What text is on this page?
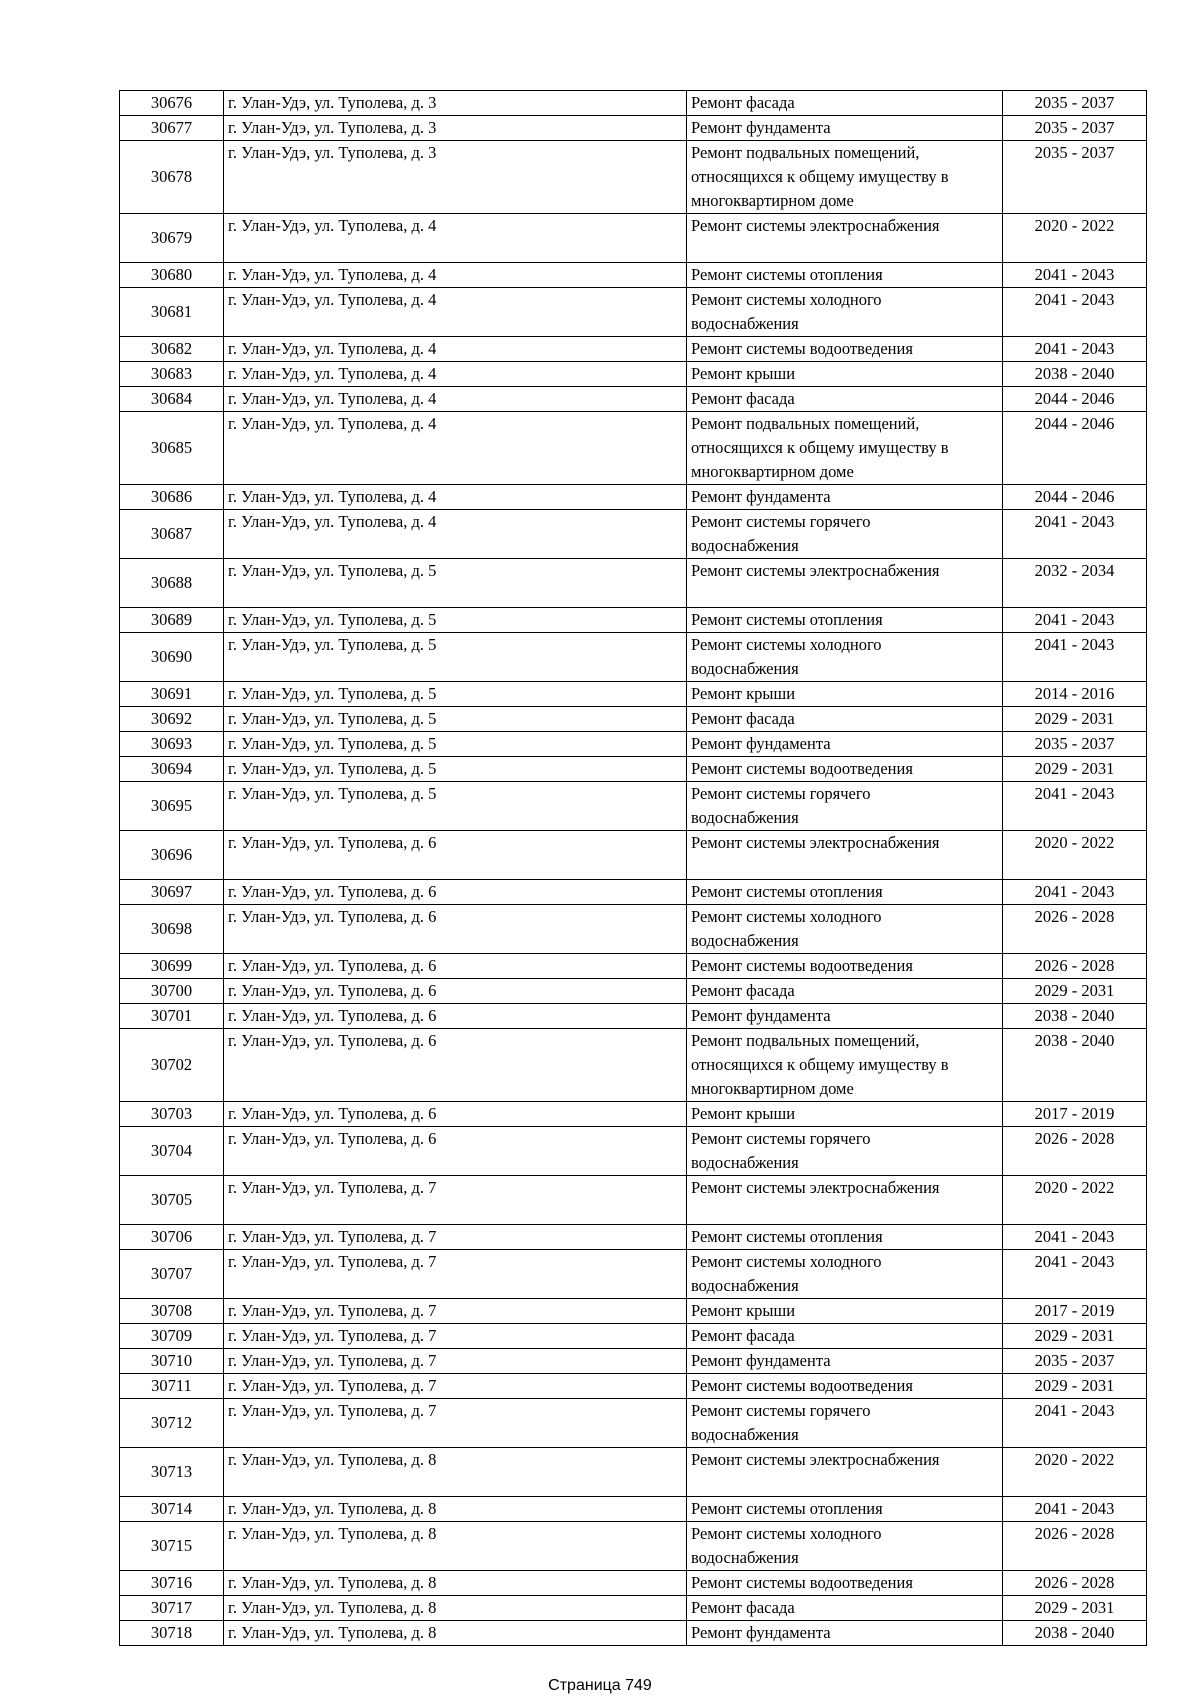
30676	г. Улан-Удэ, ул. Туполева, д. 3	Ремонт фасада	2035 - 2037
30677	г. Улан-Удэ, ул. Туполева, д. 3	Ремонт фундамента	2035 - 2037
30678	г. Улан-Удэ, ул. Туполева, д. 3	Ремонт подвальных помещений, относящихся к общему имуществу в многоквартирном доме	2035 - 2037
30679	г. Улан-Удэ, ул. Туполева, д. 4	Ремонт системы электроснабжения	2020 - 2022
30680	г. Улан-Удэ, ул. Туполева, д. 4	Ремонт системы отопления	2041 - 2043
30681	г. Улан-Удэ, ул. Туполева, д. 4	Ремонт системы холодного водоснабжения	2041 - 2043
30682	г. Улан-Удэ, ул. Туполева, д. 4	Ремонт системы водоотведения	2041 - 2043
30683	г. Улан-Удэ, ул. Туполева, д. 4	Ремонт крыши	2038 - 2040
30684	г. Улан-Удэ, ул. Туполева, д. 4	Ремонт фасада	2044 - 2046
30685	г. Улан-Удэ, ул. Туполева, д. 4	Ремонт подвальных помещений, относящихся к общему имуществу в многоквартирном доме	2044 - 2046
30686	г. Улан-Удэ, ул. Туполева, д. 4	Ремонт фундамента	2044 - 2046
30687	г. Улан-Удэ, ул. Туполева, д. 4	Ремонт системы горячего водоснабжения	2041 - 2043
30688	г. Улан-Удэ, ул. Туполева, д. 5	Ремонт системы электроснабжения	2032 - 2034
30689	г. Улан-Удэ, ул. Туполева, д. 5	Ремонт системы отопления	2041 - 2043
30690	г. Улан-Удэ, ул. Туполева, д. 5	Ремонт системы холодного водоснабжения	2041 - 2043
30691	г. Улан-Удэ, ул. Туполева, д. 5	Ремонт крыши	2014 - 2016
30692	г. Улан-Удэ, ул. Туполева, д. 5	Ремонт фасада	2029 - 2031
30693	г. Улан-Удэ, ул. Туполева, д. 5	Ремонт фундамента	2035 - 2037
30694	г. Улан-Удэ, ул. Туполева, д. 5	Ремонт системы водоотведения	2029 - 2031
30695	г. Улан-Удэ, ул. Туполева, д. 5	Ремонт системы горячего водоснабжения	2041 - 2043
30696	г. Улан-Удэ, ул. Туполева, д. 6	Ремонт системы электроснабжения	2020 - 2022
30697	г. Улан-Удэ, ул. Туполева, д. 6	Ремонт системы отопления	2041 - 2043
30698	г. Улан-Удэ, ул. Туполева, д. 6	Ремонт системы холодного водоснабжения	2026 - 2028
30699	г. Улан-Удэ, ул. Туполева, д. 6	Ремонт системы водоотведения	2026 - 2028
30700	г. Улан-Удэ, ул. Туполева, д. 6	Ремонт фасада	2029 - 2031
30701	г. Улан-Удэ, ул. Туполева, д. 6	Ремонт фундамента	2038 - 2040
30702	г. Улан-Удэ, ул. Туполева, д. 6	Ремонт подвальных помещений, относящихся к общему имуществу в многоквартирном доме	2038 - 2040
30703	г. Улан-Удэ, ул. Туполева, д. 6	Ремонт крыши	2017 - 2019
30704	г. Улан-Удэ, ул. Туполева, д. 6	Ремонт системы горячего водоснабжения	2026 - 2028
30705	г. Улан-Удэ, ул. Туполева, д. 7	Ремонт системы электроснабжения	2020 - 2022
30706	г. Улан-Удэ, ул. Туполева, д. 7	Ремонт системы отопления	2041 - 2043
30707	г. Улан-Удэ, ул. Туполева, д. 7	Ремонт системы холодного водоснабжения	2041 - 2043
30708	г. Улан-Удэ, ул. Туполева, д. 7	Ремонт крыши	2017 - 2019
30709	г. Улан-Удэ, ул. Туполева, д. 7	Ремонт фасада	2029 - 2031
30710	г. Улан-Удэ, ул. Туполева, д. 7	Ремонт фундамента	2035 - 2037
30711	г. Улан-Удэ, ул. Туполева, д. 7	Ремонт системы водоотведения	2029 - 2031
30712	г. Улан-Удэ, ул. Туполева, д. 7	Ремонт системы горячего водоснабжения	2041 - 2043
30713	г. Улан-Удэ, ул. Туполева, д. 8	Ремонт системы электроснабжения	2020 - 2022
30714	г. Улан-Удэ, ул. Туполева, д. 8	Ремонт системы отопления	2041 - 2043
30715	г. Улан-Удэ, ул. Туполева, д. 8	Ремонт системы холодного водоснабжения	2026 - 2028
30716	г. Улан-Удэ, ул. Туполева, д. 8	Ремонт системы водоотведения	2026 - 2028
30717	г. Улан-Удэ, ул. Туполева, д. 8	Ремонт фасада	2029 - 2031
30718	г. Улан-Удэ, ул. Туполева, д. 8	Ремонт фундамента	2038 - 2040
Страница 749
